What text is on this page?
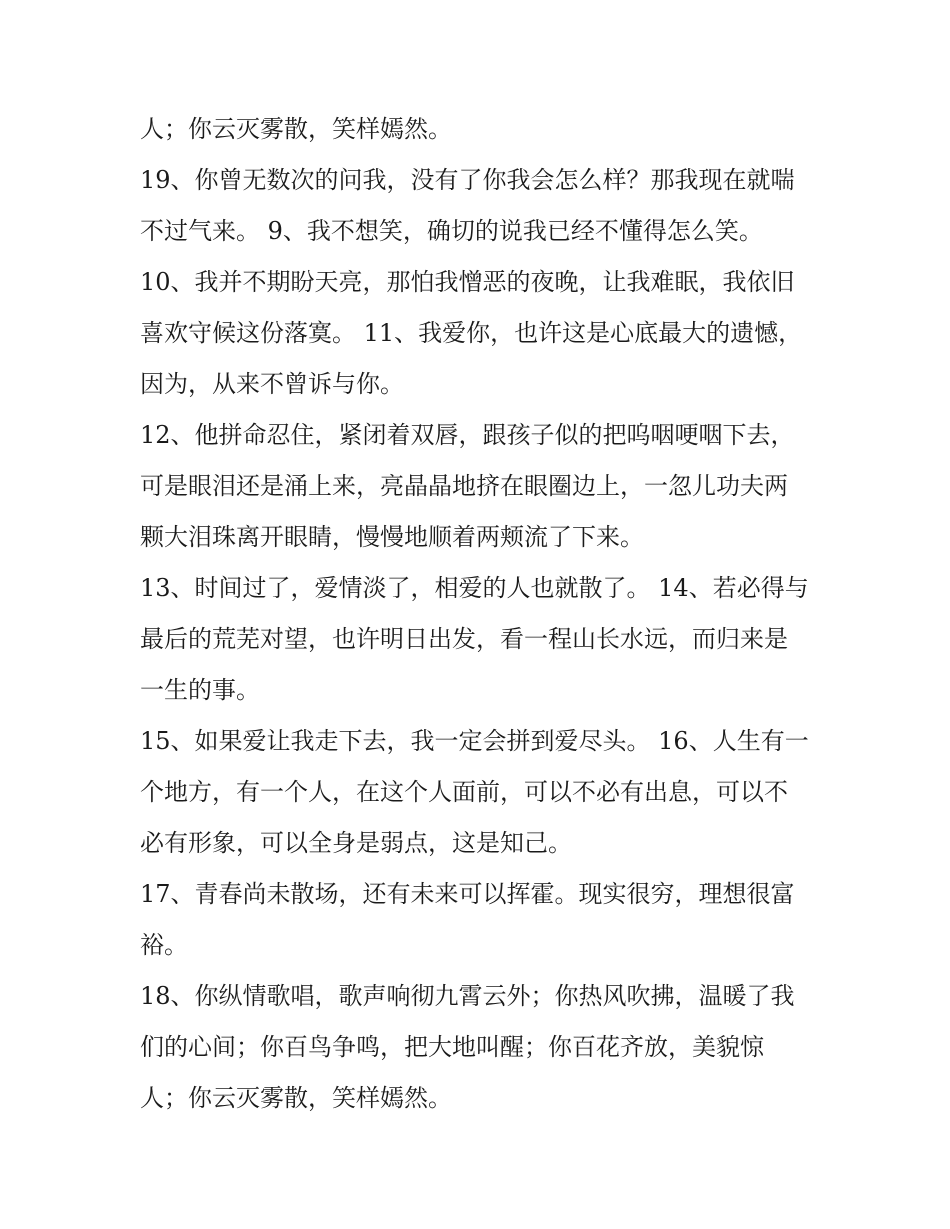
人；你云灭雾散，笑样嫣然。

19、你曾无数次的问我，没有了你我会怎么样？那我现在就喘
不过气来。 9、我不想笑，确切的说我已经不懂得怎么笑。

10、我并不期盼天亮，那怕我憎恶的夜晚，让我难眠，我依旧
喜欢守候这份落寞。 11、我爱你，也许这是心底最大的遗憾，
因为，从来不曾诉与你。

12、他拼命忍住，紧闭着双唇，跟孩子似的把呜咽哽咽下去，
可是眼泪还是涌上来，亮晶晶地挤在眼圈边上，一忽儿功夫两
颗大泪珠离开眼睛，慢慢地顺着两颊流了下来。

13、时间过了，爱情淡了，相爱的人也就散了。 14、若必得与
最后的荒芜对望，也许明日出发，看一程山长水远，而归来是
一生的事。

15、如果爱让我走下去，我一定会拼到爱尽头。 16、人生有一
个地方，有一个人，在这个人面前，可以不必有出息，可以不
必有形象，可以全身是弱点，这是知己。

17、青春尚未散场，还有未来可以挥霍。现实很穷，理想很富
裕。

18、你纵情歌唱，歌声响彻九霄云外；你热风吹拂，温暖了我
们的心间；你百鸟争鸣，把大地叫醒；你百花齐放，美貌惊
人；你云灭雾散，笑样嫣然。
